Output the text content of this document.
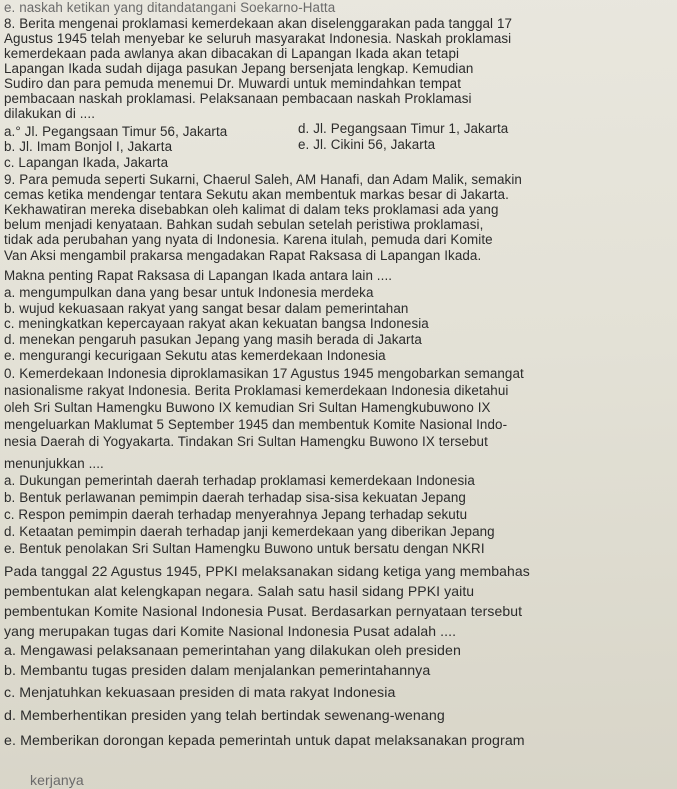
e. naskah ketikan yang ditandatangani Soekarno-Hatta
8. Berita mengenai proklamasi kemerdekaan akan diselenggarakan pada tanggal 17
Agustus 1945 telah menyebar ke seluruh masyarakat Indonesia. Naskah proklamasi
kemerdekaan pada awlanya akan dibacakan di Lapangan Ikada akan tetapi
Lapangan Ikada sudah dijaga pasukan Jepang bersenjata lengkap. Kemudian
Sudiro dan para pemuda menemui Dr. Muwardi untuk memindahkan tempat
pembacaan naskah proklamasi. Pelaksanaan pembacaan naskah Proklamasi
dilakukan di ....
a.° Jl. Pegangsaan Timur 56, Jakarta	d. Jl. Pegangsaan Timur 1, Jakarta
b. Jl. Imam Bonjol I, Jakarta	e. Jl. Cikini 56, Jakarta
c. Lapangan Ikada, Jakarta
9. Para pemuda seperti Sukarni, Chaerul Saleh, AM Hanafi, dan Adam Malik, semakin
cemas ketika mendengar tentara Sekutu akan membentuk markas besar di Jakarta.
Kekhawatiran mereka disebabkan oleh kalimat di dalam teks proklamasi ada yang
belum menjadi kenyataan. Bahkan sudah sebulan setelah peristiwa proklamasi,
tidak ada perubahan yang nyata di Indonesia. Karena itulah, pemuda dari Komite
Van Aksi mengambil prakarsa mengadakan Rapat Raksasa di Lapangan Ikada.
Makna penting Rapat Raksasa di Lapangan Ikada antara lain ....
a. mengumpulkan dana yang besar untuk Indonesia merdeka
b. wujud kekuasaan rakyat yang sangat besar dalam pemerintahan
c. meningkatkan kepercayaan rakyat akan kekuatan bangsa Indonesia
d. menekan pengaruh pasukan Jepang yang masih berada di Jakarta
e. mengurangi kecurigaan Sekutu atas kemerdekaan Indonesia
0. Kemerdekaan Indonesia diproklamasikan 17 Agustus 1945 mengobarkan semangat
nasionalisme rakyat Indonesia. Berita Proklamasi kemerdekaan Indonesia diketahui
oleh Sri Sultan Hamengku Buwono IX kemudian Sri Sultan Hamengkubuwono IX
mengeluarkan Maklumat 5 September 1945 dan membentuk Komite Nasional Indo-
nesia Daerah di Yogyakarta. Tindakan Sri Sultan Hamengku Buwono IX tersebut
menunjukkan ....
a. Dukungan pemerintah daerah terhadap proklamasi kemerdekaan Indonesia
b. Bentuk perlawanan pemimpin daerah terhadap sisa-sisa kekuatan Jepang
c. Respon pemimpin daerah terhadap menyerahnya Jepang terhadap sekutu
d. Ketaatan pemimpin daerah terhadap janji kemerdekaan yang diberikan Jepang
e. Bentuk penolakan Sri Sultan Hamengku Buwono untuk bersatu dengan NKRI
Pada tanggal 22 Agustus 1945, PPKI melaksanakan sidang ketiga yang membahas
pembentukan alat kelengkapan negara. Salah satu hasil sidang PPKI yaitu
pembentukan Komite Nasional Indonesia Pusat. Berdasarkan pernyataan tersebut
yang merupakan tugas dari Komite Nasional Indonesia Pusat adalah ....
a. Mengawasi pelaksanaan pemerintahan yang dilakukan oleh presiden
b. Membantu tugas presiden dalam menjalankan pemerintahannya
c. Menjatuhkan kekuasaan presiden di mata rakyat Indonesia
d. Memberhentikan presiden yang telah bertindak sewenang-wenang
e. Memberikan dorongan kepada pemerintah untuk dapat melaksanakan program
kerjanya
